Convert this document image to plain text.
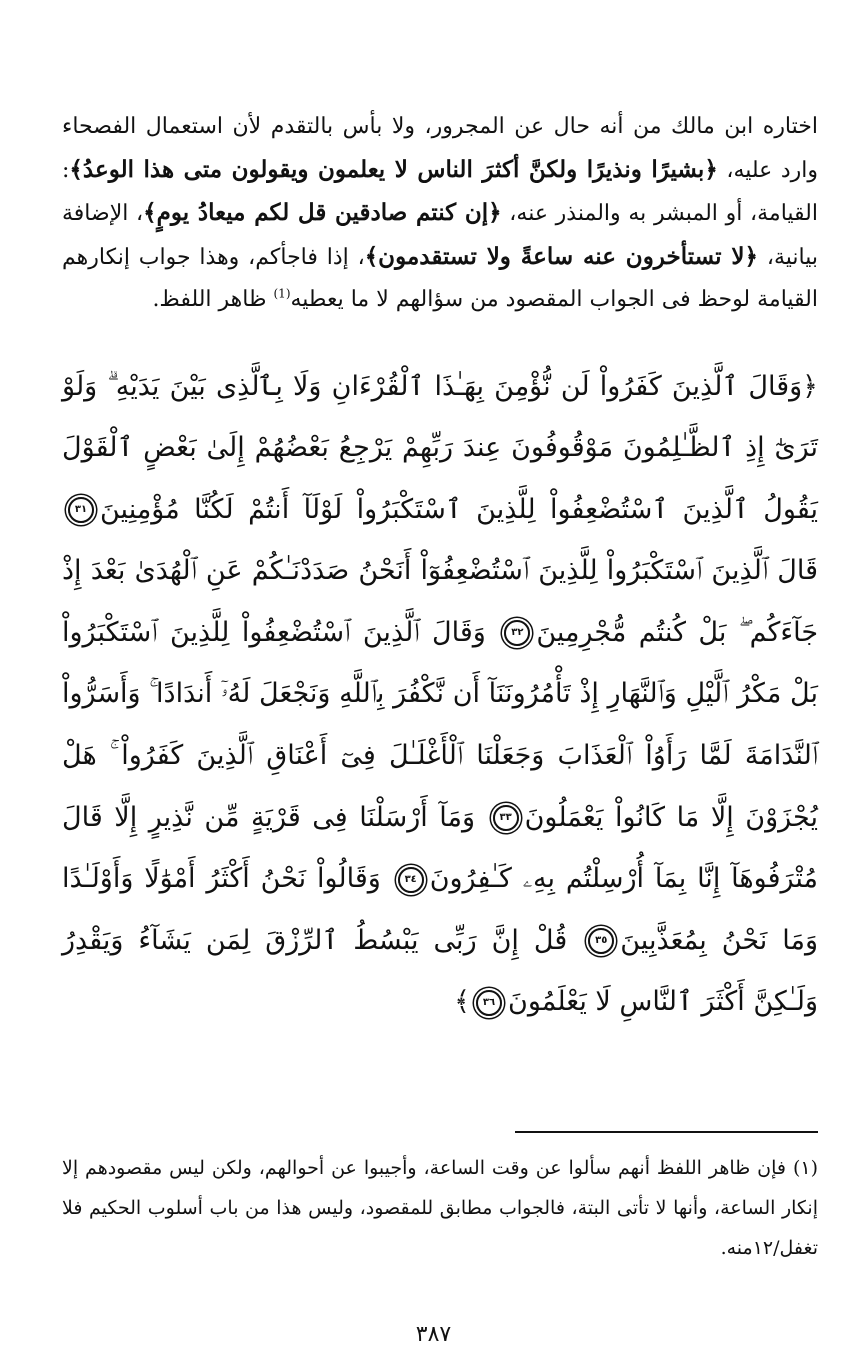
اختاره ابن مالك من أنه حال عن المجرور، ولا بأس بالتقدم لأن استعمال الفصحاء وارد عليه، ﴿بشيرًا ونذيرًا ولكنَّ أكثرَ الناس لا يعلمون ويقولون متى هذا الوعدُ﴾: القيامة، أو المبشر به والمنذر عنه، ﴿إن كنتم صادقين قل لكم ميعادُ يومٍ﴾، الإضافة بيانية، ﴿لا تستأخرون عنه ساعةً ولا تستقدمون﴾، إذا فاجأكم، وهذا جواب إنكارهم القيامة لوحظ فى الجواب المقصود من سؤالهم لا ما يعطيه$^{(1)}$ ظاهر اللفظ.

﴿وَقَالَ ٱلَّذِينَ كَفَرُواْ لَن نُّؤْمِنَ بِهَـٰذَا ٱلْقُرْءَانِ وَلَا بِٱلَّذِى بَيْنَ يَدَيْهِ ۗ وَلَوْ تَرَىٰٓ إِذِ ٱلظَّـٰلِمُونَ مَوْقُوفُونَ عِندَ رَبِّهِمْ يَرْجِعُ بَعْضُهُمْ إِلَىٰ بَعْضٍ ٱلْقَوْلَ يَقُولُ ٱلَّذِينَ ٱسْتُضْعِفُواْ لِلَّذِينَ ٱسْتَكْبَرُواْ لَوْلَآ أَنتُمْ لَكُنَّا مُؤْمِنِينَ٣١ قَالَ ٱلَّذِينَ ٱسْتَكْبَرُواْ لِلَّذِينَ ٱسْتُضْعِفُوٓاْ أَنَحْنُ صَدَدْنَـٰكُمْ عَنِ ٱلْهُدَىٰ بَعْدَ إِذْ جَآءَكُم ۖ بَلْ كُنتُم مُّجْرِمِينَ٣٢ وَقَالَ ٱلَّذِينَ ٱسْتُضْعِفُواْ لِلَّذِينَ ٱسْتَكْبَرُواْ بَلْ مَكْرُ ٱلَّيْلِ وَٱلنَّهَارِ إِذْ تَأْمُرُونَنَآ أَن نَّكْفُرَ بِٱللَّهِ وَنَجْعَلَ لَهُۥٓ أَندَادًا ۚ وَأَسَرُّواْ ٱلنَّدَامَةَ لَمَّا رَأَوُاْ ٱلْعَذَابَ وَجَعَلْنَا ٱلْأَغْلَـٰلَ فِىٓ أَعْنَاقِ ٱلَّذِينَ كَفَرُواْ ۚ هَلْ يُجْزَوْنَ إِلَّا مَا كَانُواْ يَعْمَلُونَ٣٣ وَمَآ أَرْسَلْنَا فِى قَرْيَةٍ مِّن نَّذِيرٍ إِلَّا قَالَ مُتْرَفُوهَآ إِنَّا بِمَآ أُرْسِلْتُم بِهِۦ كَـٰفِرُونَ٣٤ وَقَالُواْ نَحْنُ أَكْثَرُ أَمْوَٰلًا وَأَوْلَـٰدًا وَمَا نَحْنُ بِمُعَذَّبِينَ٣٥ قُلْ إِنَّ رَبِّى يَبْسُطُ ٱلرِّزْقَ لِمَن يَشَآءُ وَيَقْدِرُ وَلَـٰكِنَّ أَكْثَرَ ٱلنَّاسِ لَا يَعْلَمُونَ٣٦﴾

(١) فإن ظاهر اللفظ أنهم سألوا عن وقت الساعة، وأجيبوا عن أحوالهم، ولكن ليس مقصودهم إلا إنكار الساعة، وأنها لا تأتى البتة، فالجواب مطابق للمقصود، وليس هذا من باب أسلوب الحكيم فلا تغفل/١٢منه.

٣٨٧
